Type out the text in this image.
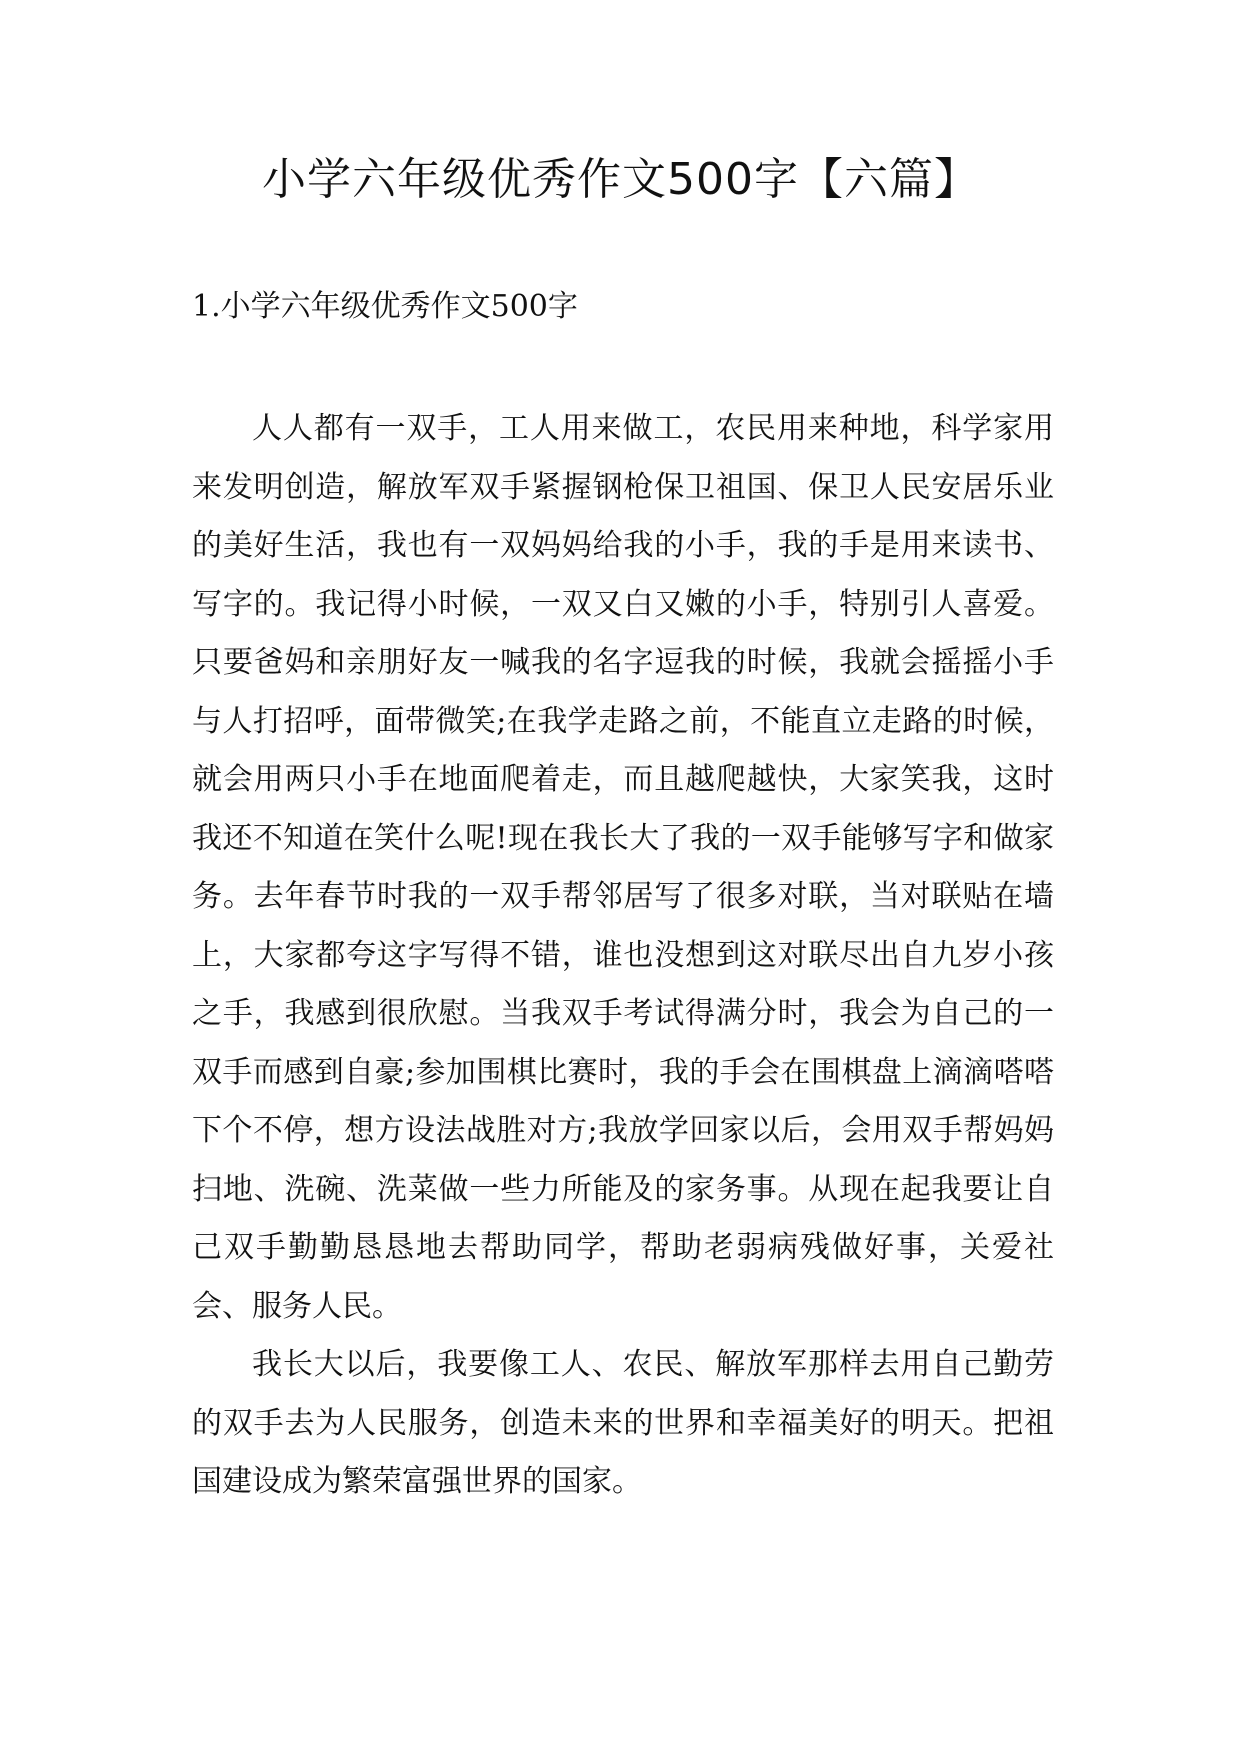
小学六年级优秀作文500字【六篇】
1.小学六年级优秀作文500字

人人都有一双手，工人用来做工，农民用来种地，科学家用来发明创造，解放军双手紧握钢枪保卫祖国、保卫人民安居乐业的美好生活，我也有一双妈妈给我的小手，我的手是用来读书、写字的。我记得小时候，一双又白又嫩的小手，特别引人喜爱。只要爸妈和亲朋好友一喊我的名字逗我的时候，我就会摇摇小手与人打招呼，面带微笑;在我学走路之前，不能直立走路的时候，就会用两只小手在地面爬着走，而且越爬越快，大家笑我，这时我还不知道在笑什么呢!现在我长大了我的一双手能够写字和做家务。去年春节时我的一双手帮邻居写了很多对联，当对联贴在墙上，大家都夸这字写得不错，谁也没想到这对联尽出自九岁小孩之手，我感到很欣慰。当我双手考试得满分时，我会为自己的一双手而感到自豪;参加围棋比赛时，我的手会在围棋盘上滴滴嗒嗒下个不停，想方设法战胜对方;我放学回家以后，会用双手帮妈妈扫地、洗碗、洗菜做一些力所能及的家务事。从现在起我要让自己双手勤勤恳恳地去帮助同学，帮助老弱病残做好事，关爱社会、服务人民。

我长大以后，我要像工人、农民、解放军那样去用自己勤劳的双手去为人民服务，创造未来的世界和幸福美好的明天。把祖国建设成为繁荣富强世界的国家。
